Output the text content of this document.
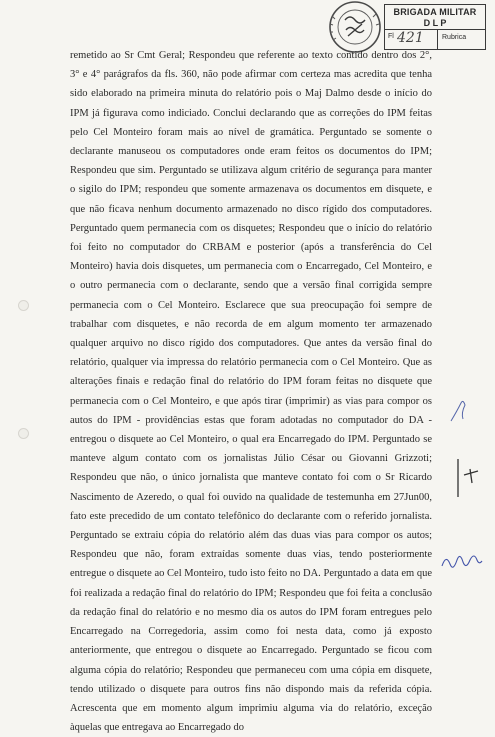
BRIGADA MILITAR
D L P
Fl 421	Rubrica
remetido ao Sr Cmt Geral; Respondeu que referente ao texto contido dentro dos 2°, 3° e 4° parágrafos da fls. 360, não pode afirmar com certeza mas acredita que tenha sido elaborado na primeira minuta do relatório pois o Maj Dalmo desde o início do IPM já figurava como indiciado. Conclui declarando que as correções do IPM feitas pelo Cel Monteiro foram mais ao nível de gramática. Perguntado se somente o declarante manuseou os computadores onde eram feitos os documentos do IPM; Respondeu que sim. Perguntado se utilizava algum critério de segurança para manter o sigilo do IPM; respondeu que somente armazenava os documentos em disquete, e que não ficava nenhum documento armazenado no disco rígido dos computadores. Perguntado quem permanecia com os disquetes; Respondeu que o início do relatório foi feito no computador do CRBAM e posterior (após a transferência do Cel Monteiro) havia dois disquetes, um permanecia com o Encarregado, Cel Monteiro, e o outro permanecia com o declarante, sendo que a versão final corrigida sempre permanecia com o Cel Monteiro. Esclarece que sua preocupação foi sempre de trabalhar com disquetes, e não recorda de em algum momento ter armazenado qualquer arquivo no disco rígido dos computadores. Que antes da versão final do relatório, qualquer via impressa do relatório permanecia com o Cel Monteiro. Que as alterações finais e redação final do relatório do IPM foram feitas no disquete que permanecia com o Cel Monteiro, e que após tirar (imprimir) as vias para compor os autos do IPM - providências estas que foram adotadas no computador do DA - entregou o disquete ao Cel Monteiro, o qual era Encarregado do IPM. Perguntado se manteve algum contato com os jornalistas Júlio César ou Giovanni Grizzoti; Respondeu que não, o único jornalista que manteve contato foi com o Sr Ricardo Nascimento de Azeredo, o qual foi ouvido na qualidade de testemunha em 27Jun00, fato este precedido de um contato telefônico do declarante com o referido jornalista. Perguntado se extraiu cópia do relatório além das duas vias para compor os autos; Respondeu que não, foram extraídas somente duas vias, tendo posteriormente entregue o disquete ao Cel Monteiro, tudo isto feito no DA. Perguntado a data em que foi realizada a redação final do relatório do IPM; Respondeu que foi feita a conclusão da redação final do relatório e no mesmo dia os autos do IPM foram entregues pelo Encarregado na Corregedoria, assim como foi nesta data, como já exposto anteriormente, que entregou o disquete ao Encarregado. Perguntado se ficou com alguma cópia do relatório; Respondeu que permaneceu com uma cópia em disquete, tendo utilizado o disquete para outros fins não dispondo mais da referida cópia. Acrescenta que em momento algum imprimiu alguma via do relatório, exceção àquelas que entregava ao Encarregado do
